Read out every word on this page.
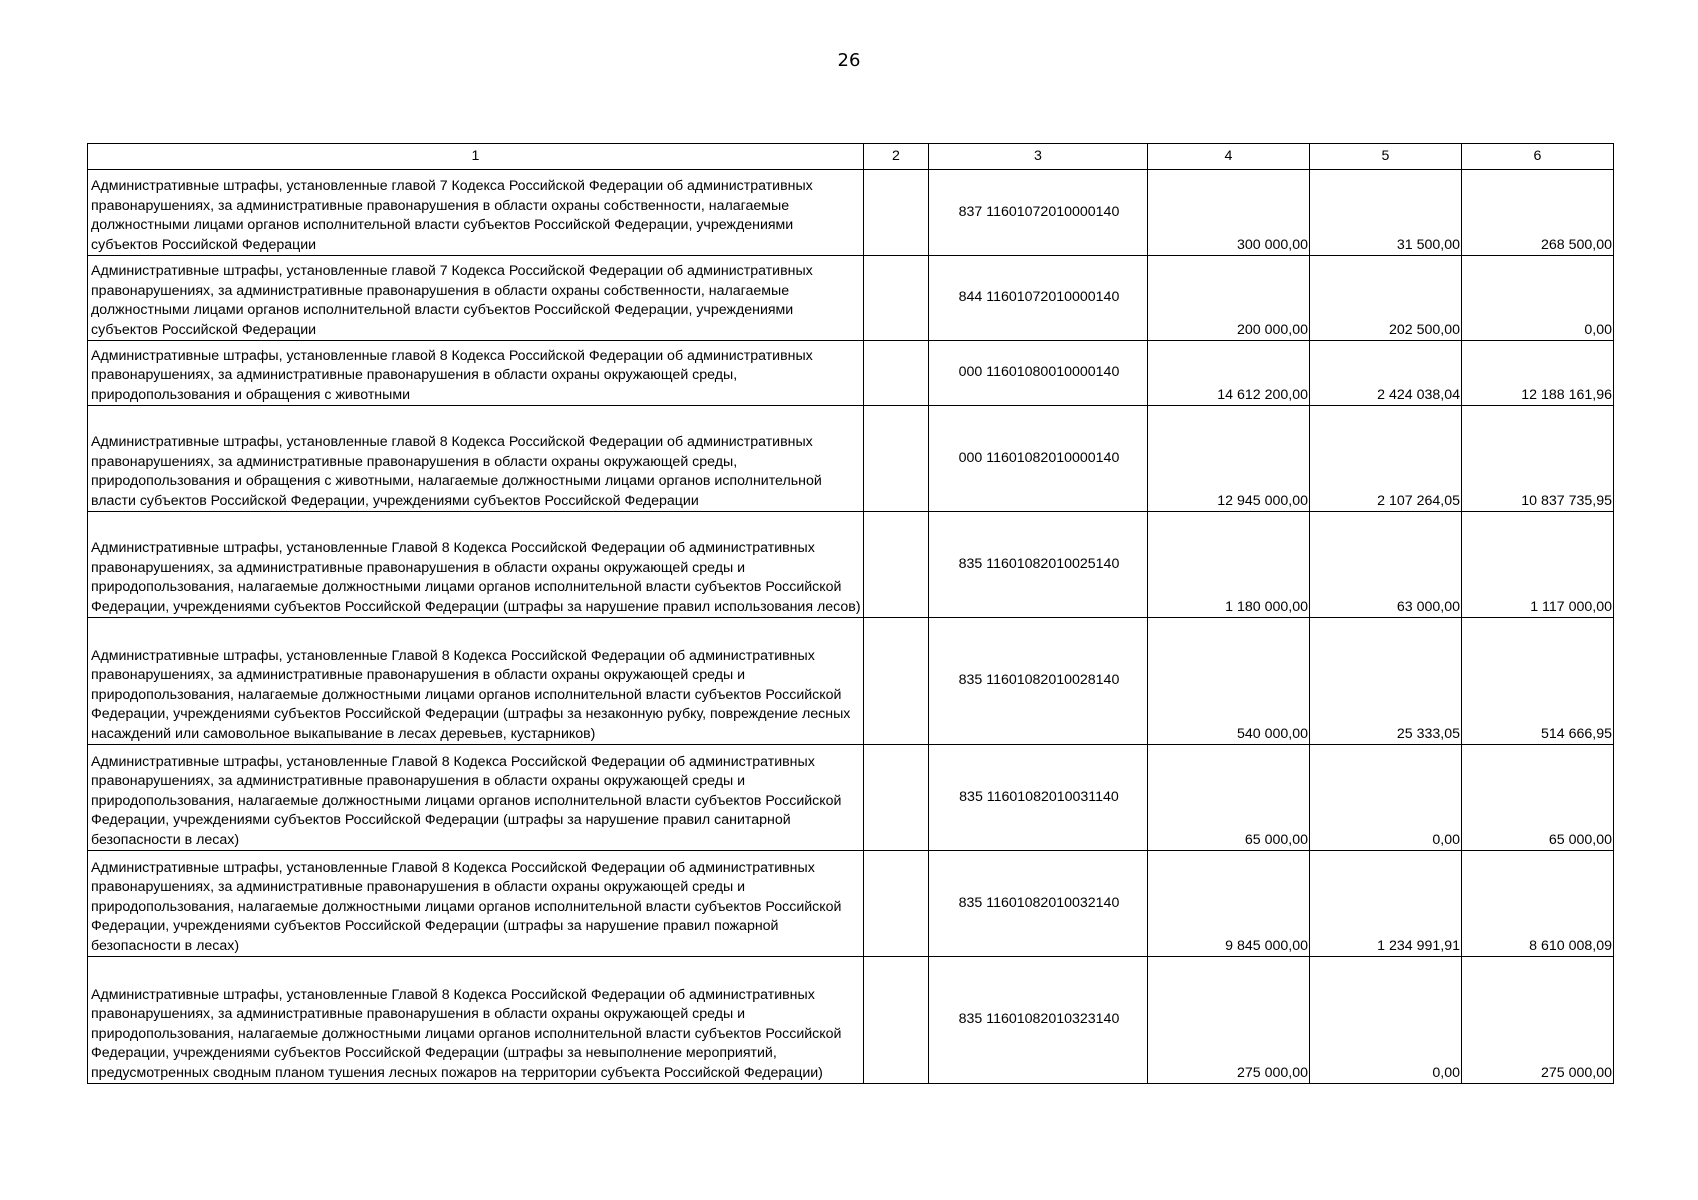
26
1	2	3	4	5	6
Административные штрафы, установленные главой 7 Кодекса Российской Федерации об административных правонарушениях, за административные правонарушения в области охраны собственности, налагаемые должностными лицами органов исполнительной власти субъектов Российской Федерации, учреждениями субъектов Российской Федерации		837 11601072010000140	300 000,00	31 500,00	268 500,00
Административные штрафы, установленные главой 7 Кодекса Российской Федерации об административных правонарушениях, за административные правонарушения в области охраны собственности, налагаемые должностными лицами органов исполнительной власти субъектов Российской Федерации, учреждениями субъектов Российской Федерации		844 11601072010000140	200 000,00	202 500,00	0,00
Административные штрафы, установленные главой 8 Кодекса Российской Федерации об административных правонарушениях, за административные правонарушения в области охраны окружающей среды, природопользования и обращения с животными		000 11601080010000140	14 612 200,00	2 424 038,04	12 188 161,96
Административные штрафы, установленные главой 8 Кодекса Российской Федерации об административных правонарушениях, за административные правонарушения в области охраны окружающей среды, природопользования и обращения с животными, налагаемые должностными лицами органов исполнительной власти субъектов Российской Федерации, учреждениями субъектов Российской Федерации		000 11601082010000140	12 945 000,00	2 107 264,05	10 837 735,95
Административные штрафы, установленные Главой 8 Кодекса Российской Федерации об административных правонарушениях, за административные правонарушения в области охраны окружающей среды и природопользования, налагаемые должностными лицами органов исполнительной власти субъектов Российской Федерации, учреждениями субъектов Российской Федерации (штрафы за нарушение правил использования лесов)		835 11601082010025140	1 180 000,00	63 000,00	1 117 000,00
Административные штрафы, установленные Главой 8 Кодекса Российской Федерации об административных правонарушениях, за административные правонарушения в области охраны окружающей среды и природопользования, налагаемые должностными лицами органов исполнительной власти субъектов Российской Федерации, учреждениями субъектов Российской Федерации (штрафы за незаконную рубку, повреждение лесных насаждений или самовольное выкапывание в лесах деревьев, кустарников)		835 11601082010028140	540 000,00	25 333,05	514 666,95
Административные штрафы, установленные Главой 8 Кодекса Российской Федерации об административных правонарушениях, за административные правонарушения в области охраны окружающей среды и природопользования, налагаемые должностными лицами органов исполнительной власти субъектов Российской Федерации, учреждениями субъектов Российской Федерации (штрафы за нарушение правил санитарной безопасности в лесах)		835 11601082010031140	65 000,00	0,00	65 000,00
Административные штрафы, установленные Главой 8 Кодекса Российской Федерации об административных правонарушениях, за административные правонарушения в области охраны окружающей среды и природопользования, налагаемые должностными лицами органов исполнительной власти субъектов Российской Федерации, учреждениями субъектов Российской Федерации (штрафы за нарушение правил пожарной безопасности в лесах)		835 11601082010032140	9 845 000,00	1 234 991,91	8 610 008,09
Административные штрафы, установленные Главой 8 Кодекса Российской Федерации об административных правонарушениях, за административные правонарушения в области охраны окружающей среды и природопользования, налагаемые должностными лицами органов исполнительной власти субъектов Российской Федерации, учреждениями субъектов Российской Федерации (штрафы за невыполнение мероприятий, предусмотренных сводным планом тушения лесных пожаров на территории субъекта Российской Федерации)		835 11601082010323140	275 000,00	0,00	275 000,00
